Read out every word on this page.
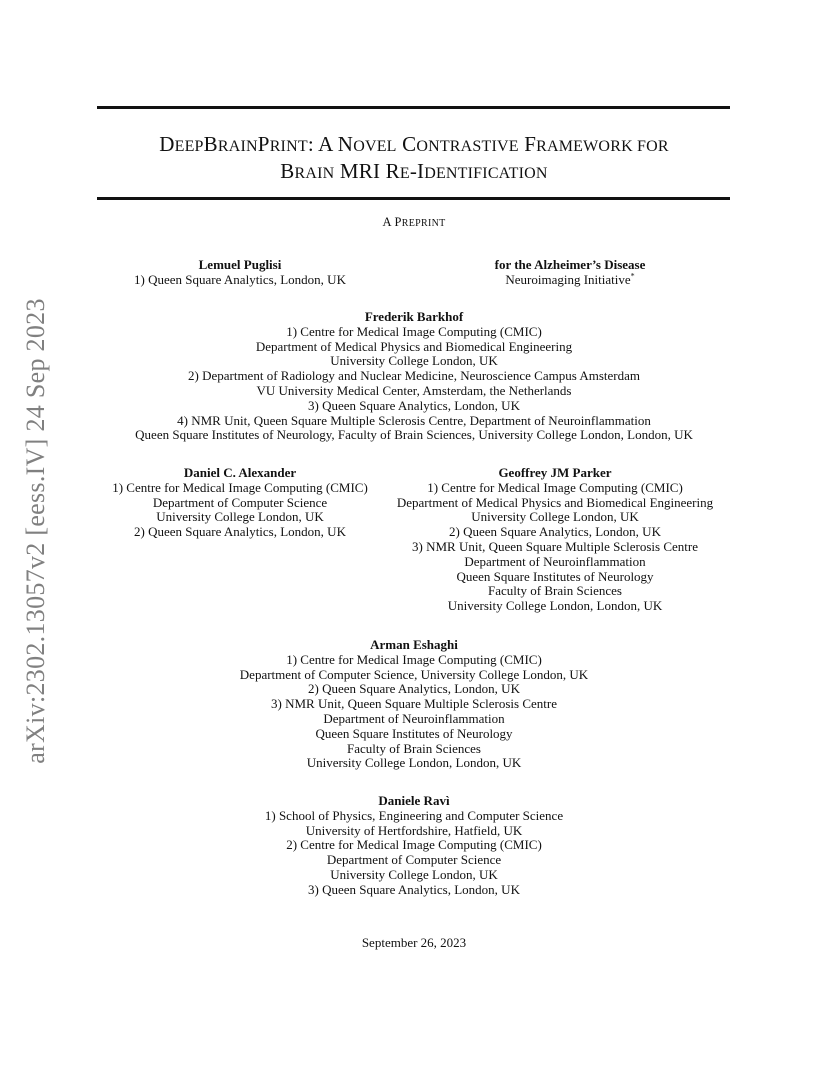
DEEPBRAINPRINT: A NOVEL CONTRASTIVE FRAMEWORK FOR
BRAIN MRI RE-IDENTIFICATION
A PREPRINT
Lemuel Puglisi
1) Queen Square Analytics, London, UK
for the Alzheimer’s Disease
Neuroimaging Initiative*
Frederik Barkhof
1) Centre for Medical Image Computing (CMIC)
Department of Medical Physics and Biomedical Engineering
University College London, UK
2) Department of Radiology and Nuclear Medicine, Neuroscience Campus Amsterdam
VU University Medical Center, Amsterdam, the Netherlands
3) Queen Square Analytics, London, UK
4) NMR Unit, Queen Square Multiple Sclerosis Centre, Department of Neuroinflammation
Queen Square Institutes of Neurology, Faculty of Brain Sciences, University College London, London, UK
Daniel C. Alexander
1) Centre for Medical Image Computing (CMIC)
Department of Computer Science
University College London, UK
2) Queen Square Analytics, London, UK
Geoffrey JM Parker
1) Centre for Medical Image Computing (CMIC)
Department of Medical Physics and Biomedical Engineering
University College London, UK
2) Queen Square Analytics, London, UK
3) NMR Unit, Queen Square Multiple Sclerosis Centre
Department of Neuroinflammation
Queen Square Institutes of Neurology
Faculty of Brain Sciences
University College London, London, UK
Arman Eshaghi
1) Centre for Medical Image Computing (CMIC)
Department of Computer Science, University College London, UK
2) Queen Square Analytics, London, UK
3) NMR Unit, Queen Square Multiple Sclerosis Centre
Department of Neuroinflammation
Queen Square Institutes of Neurology
Faculty of Brain Sciences
University College London, London, UK
Daniele Ravì
1) School of Physics, Engineering and Computer Science
University of Hertfordshire, Hatfield, UK
2) Centre for Medical Image Computing (CMIC)
Department of Computer Science
University College London, UK
3) Queen Square Analytics, London, UK
September 26, 2023
arXiv:2302.13057v2 [eess.IV] 24 Sep 2023
